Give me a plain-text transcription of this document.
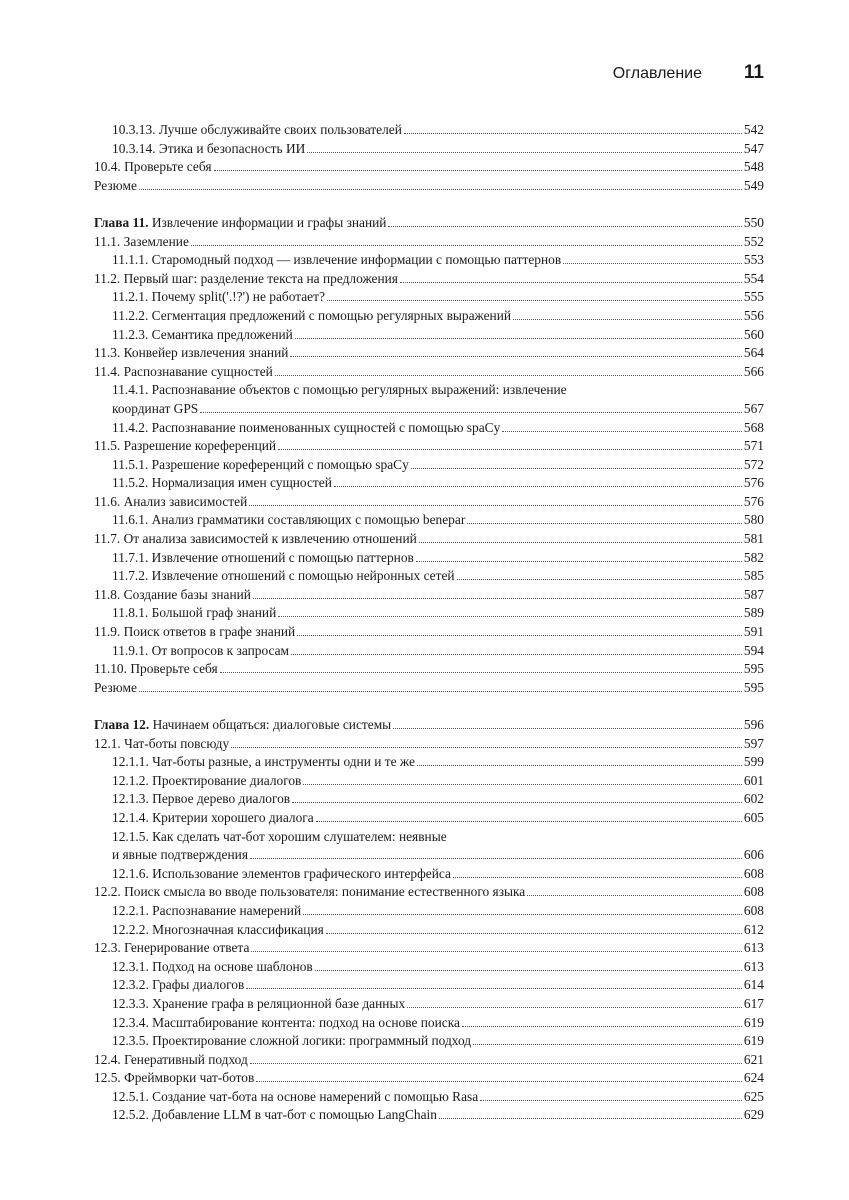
Оглавление 11
10.3.13. Лучше обслуживайте своих пользователей	542
10.3.14. Этика и безопасность ИИ	547
10.4. Проверьте себя	548
Резюме	549
Глава 11. Извлечение информации и графы знаний	550
11.1. Заземление	552
11.1.1. Старомодный подход — извлечение информации с помощью паттернов	553
11.2. Первый шаг: разделение текста на предложения	554
11.2.1. Почему split('.!?') не работает?	555
11.2.2. Сегментация предложений с помощью регулярных выражений	556
11.2.3. Семантика предложений	560
11.3. Конвейер извлечения знаний	564
11.4. Распознавание сущностей	566
11.4.1. Распознавание объектов с помощью регулярных выражений: извлечение
координат GPS	567
11.4.2. Распознавание поименованных сущностей с помощью spaCy	568
11.5. Разрешение кореференций	571
11.5.1. Разрешение кореференций с помощью spaCy	572
11.5.2. Нормализация имен сущностей	576
11.6. Анализ зависимостей	576
11.6.1. Анализ грамматики составляющих с помощью benepar	580
11.7. От анализа зависимостей к извлечению отношений	581
11.7.1. Извлечение отношений с помощью паттернов	582
11.7.2. Извлечение отношений с помощью нейронных сетей	585
11.8. Создание базы знаний	587
11.8.1. Большой граф знаний	589
11.9. Поиск ответов в графе знаний	591
11.9.1. От вопросов к запросам	594
11.10. Проверьте себя	595
Резюме	595
Глава 12. Начинаем общаться: диалоговые системы	596
12.1. Чат-боты повсюду	597
12.1.1. Чат-боты разные, а инструменты одни и те же	599
12.1.2. Проектирование диалогов	601
12.1.3. Первое дерево диалогов	602
12.1.4. Критерии хорошего диалога	605
12.1.5. Как сделать чат-бот хорошим слушателем: неявные
и явные подтверждения	606
12.1.6. Использование элементов графического интерфейса	608
12.2. Поиск смысла во вводе пользователя: понимание естественного языка	608
12.2.1. Распознавание намерений	608
12.2.2. Многозначная классификация	612
12.3. Генерирование ответа	613
12.3.1. Подход на основе шаблонов	613
12.3.2. Графы диалогов	614
12.3.3. Хранение графа в реляционной базе данных	617
12.3.4. Масштабирование контента: подход на основе поиска	619
12.3.5. Проектирование сложной логики: программный подход	619
12.4. Генеративный подход	621
12.5. Фреймворки чат-ботов	624
12.5.1. Создание чат-бота на основе намерений с помощью Rasa	625
12.5.2. Добавление LLM в чат-бот с помощью LangChain	629
